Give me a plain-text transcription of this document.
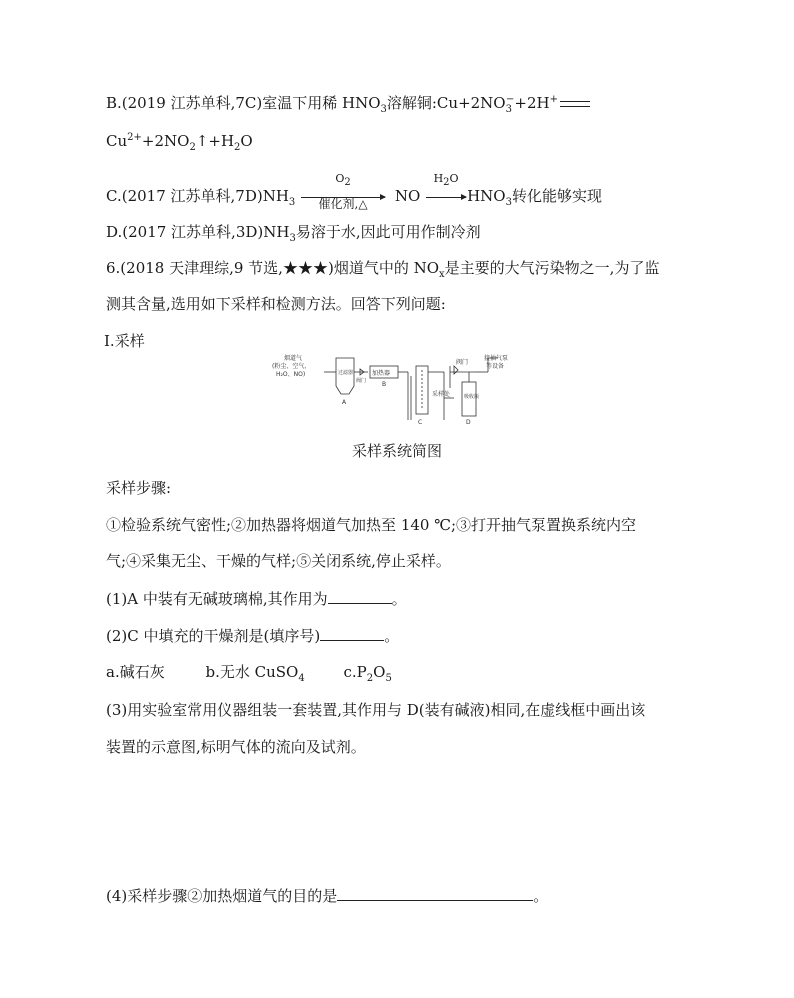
B.(2019 江苏单科,7C)室温下用稀 $HNO_3$溶解铜$:Cu+2NO_3^-+2H^+$
$Cu^{2+}+2NO_2↑+H_2O$
C.(2017 江苏单科$,7D)NH_3$
$O_2$
催化剂,△	NO
$H_2O$
$HNO_3$转化能够实现
D.(2017 江苏单科$,3D)NH_3$易溶于水,因此可用作制冷剂
6.(2018 天津理综,9 节选,★★★)烟道气中的 $NO_x$是主要的大气污染物之一,为了监
测其含量,选用如下采样和检测方法。回答下列问题:
Ⅰ.采样
烟道气
(粉尘、空气、
H₂O、NO)	过滤器
A
阀门
加热器
B
C
采样处
阀门
吸收瓶
D
接抽气泵
等设备
采样系统简图
采样步骤:
①检验系统气密性;②加热器将烟道气加热至 140 ℃;③打开抽气泵置换系统内空
气;④采集无尘、干燥的气样;⑤关闭系统,停止采样。
(1)A 中装有无碱玻璃棉,其作用为	。
(2)C 中填充的干燥剂是(填序号)	。
a.碱石灰	b.无水 CuSO$_4$	$c.P_2O_5$
(3)用实验室常用仪器组装一套装置,其作用与 D(装有碱液)相同,在虚线框中画出该
装置的示意图,标明气体的流向及试剂。
(4)采样步骤②加热烟道气的目的是	。
